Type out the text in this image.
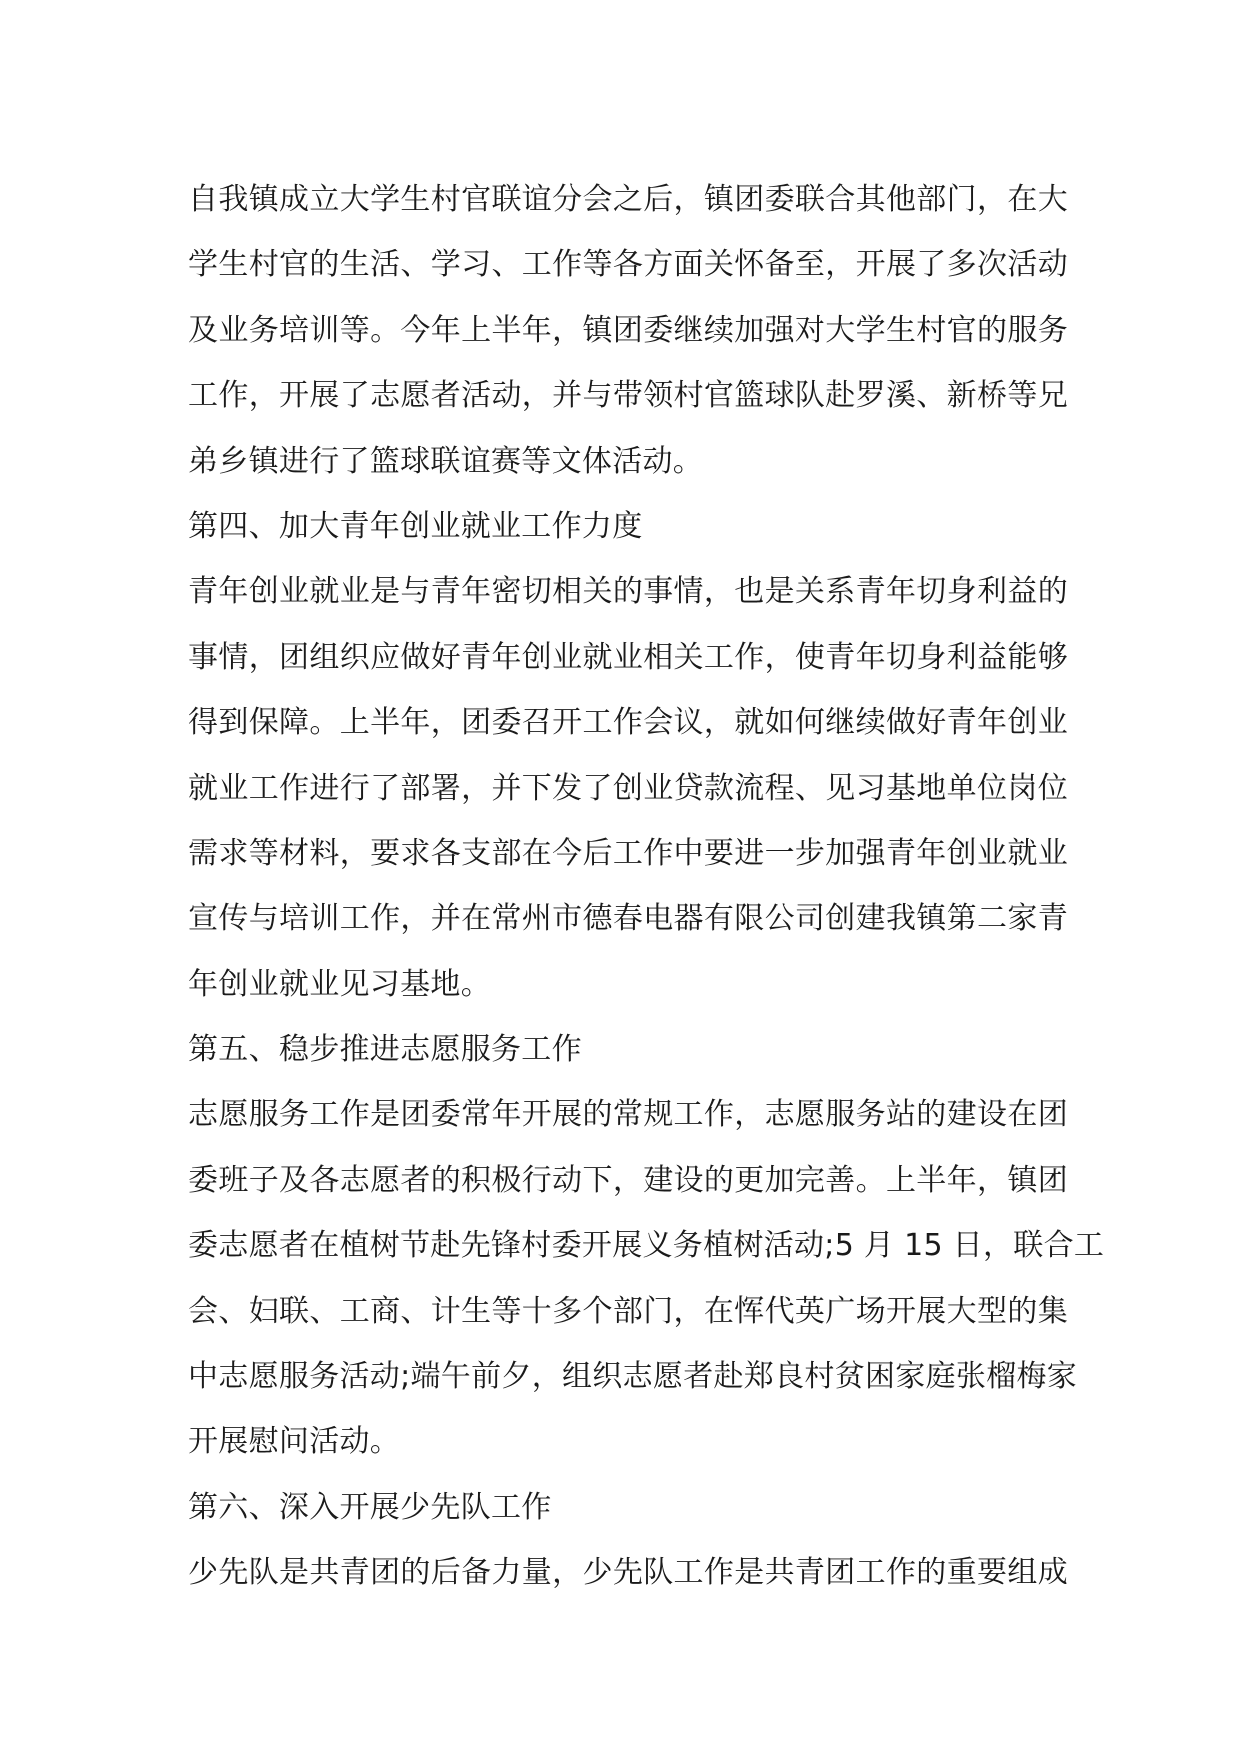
自我镇成立大学生村官联谊分会之后，镇团委联合其他部门，在大
学生村官的生活、学习、工作等各方面关怀备至，开展了多次活动
及业务培训等。今年上半年，镇团委继续加强对大学生村官的服务
工作，开展了志愿者活动，并与带领村官篮球队赴罗溪、新桥等兄
弟乡镇进行了篮球联谊赛等文体活动。
第四、加大青年创业就业工作力度
青年创业就业是与青年密切相关的事情，也是关系青年切身利益的
事情，团组织应做好青年创业就业相关工作，使青年切身利益能够
得到保障。上半年，团委召开工作会议，就如何继续做好青年创业
就业工作进行了部署，并下发了创业贷款流程、见习基地单位岗位
需求等材料，要求各支部在今后工作中要进一步加强青年创业就业
宣传与培训工作，并在常州市德春电器有限公司创建我镇第二家青
年创业就业见习基地。
第五、稳步推进志愿服务工作
志愿服务工作是团委常年开展的常规工作，志愿服务站的建设在团
委班子及各志愿者的积极行动下，建设的更加完善。上半年，镇团
委志愿者在植树节赴先锋村委开展义务植树活动;5 月 15 日，联合工
会、妇联、工商、计生等十多个部门，在恽代英广场开展大型的集
中志愿服务活动;端午前夕，组织志愿者赴郑良村贫困家庭张榴梅家
开展慰问活动。
第六、深入开展少先队工作
少先队是共青团的后备力量，少先队工作是共青团工作的重要组成
